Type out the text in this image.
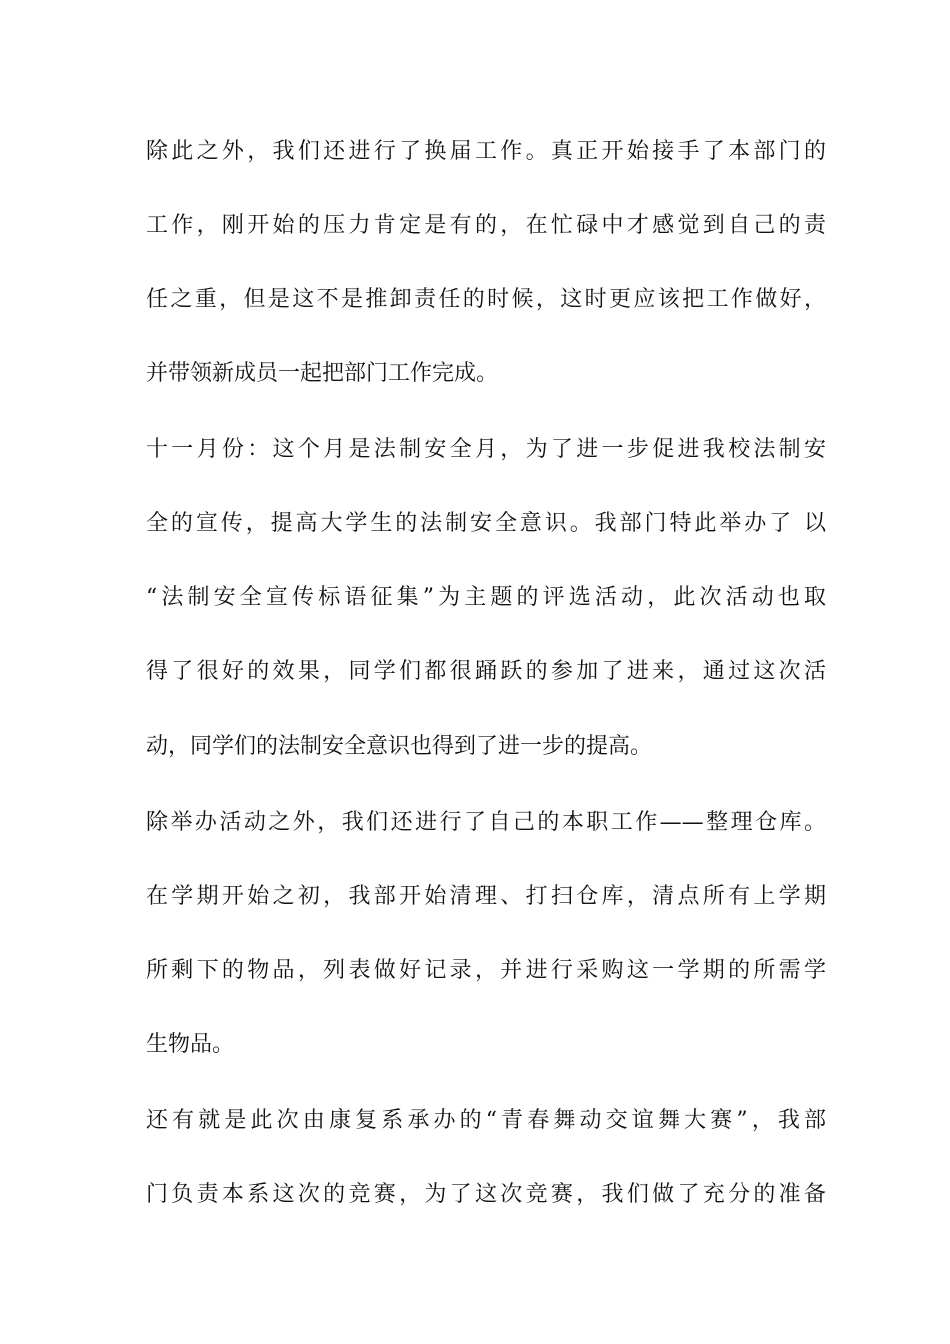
除此之外，我们还进行了换届工作。真正开始接手了本部门的
工作，刚开始的压力肯定是有的，在忙碌中才感觉到自己的责
任之重，但是这不是推卸责任的时候，这时更应该把工作做好，
并带领新成员一起把部门工作完成。
十一月份：这个月是法制安全月，为了进一步促进我校法制安
全的宣传，提高大学生的法制安全意识。我部门特此举办了 以
“法制安全宣传标语征集”为主题的评选活动，此次活动也取
得了很好的效果，同学们都很踊跃的参加了进来，通过这次活
动，同学们的法制安全意识也得到了进一步的提高。
除举办活动之外，我们还进行了自己的本职工作——整理仓库。
在学期开始之初，我部开始清理、打扫仓库，清点所有上学期
所剩下的物品，列表做好记录，并进行采购这一学期的所需学
生物品。
还有就是此次由康复系承办的“青春舞动交谊舞大赛”，我部
门负责本系这次的竞赛，为了这次竞赛，我们做了充分的准备
